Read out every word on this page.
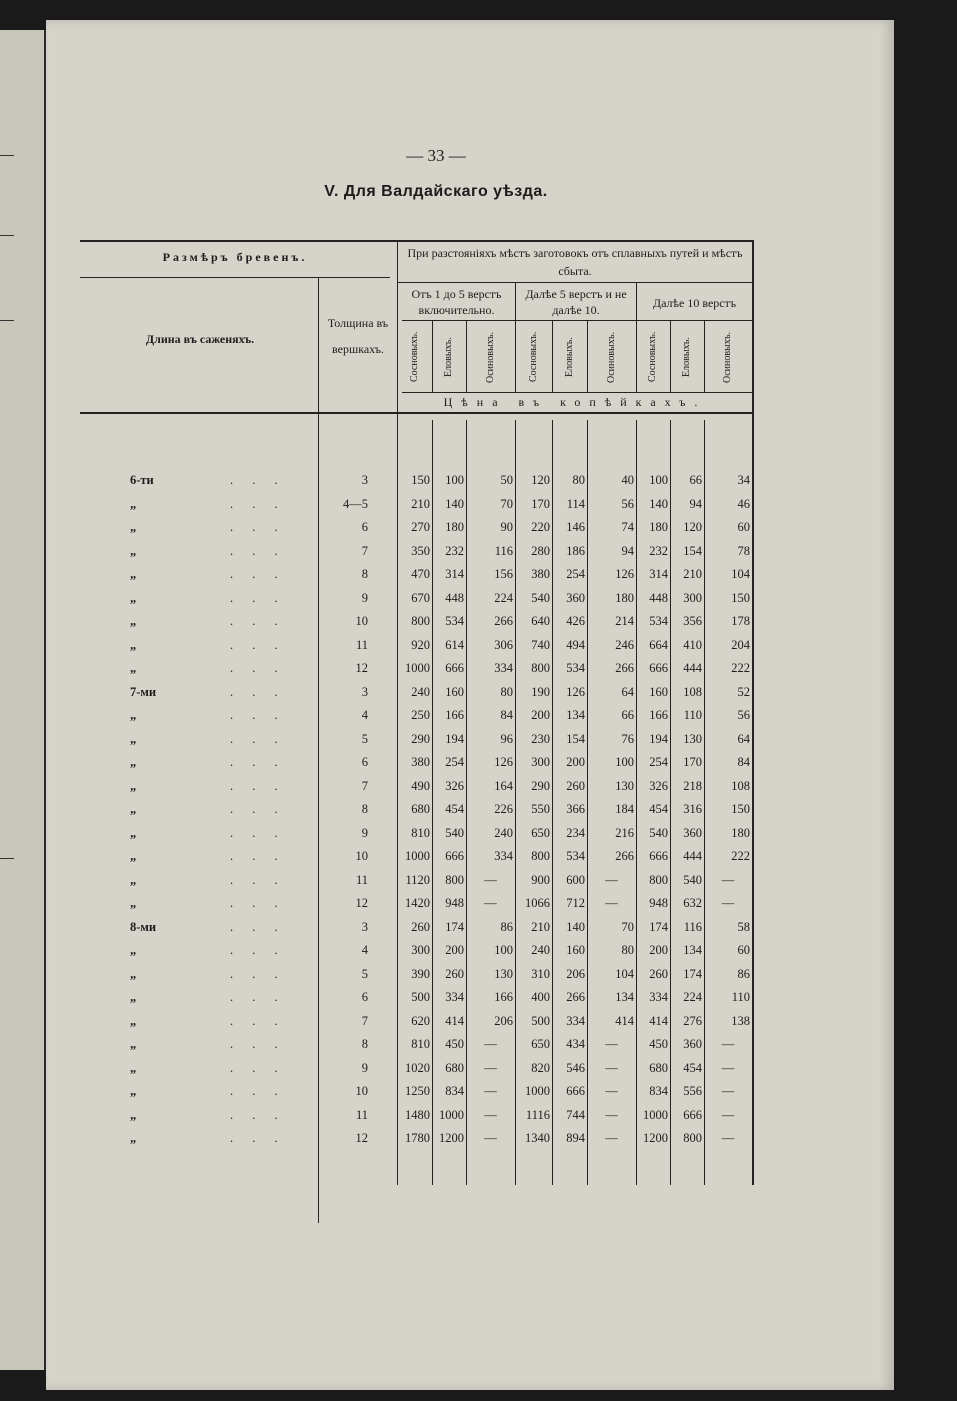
— 33 —
V. Для Валдайскаго уѣзда.
Размѣръ бревенъ.
Длина въ саженяхъ.
Толщина въ вершкахъ.
При разстояніяхъ мѣстъ заготовокъ отъ сплавныхъ путей и мѣстъ сбыта.
Отъ 1 до 5 верстъ включительно.
Далѣе 5 верстъ и не далѣе 10.	Далѣе 10 верстъ
Цѣна въ копѣйкахъ.
Сосновыхъ. Еловыхъ.	Осиновыхъ.	Сосновыхъ.	Еловыхъ.	Осиновыхъ.	Сосновыхъ. Еловыхъ.	Осиновыхъ.
6-ти	. . .	3	150	100	50	120	80	40	100	66	34
„	. . .	4—5	210	140	70	170	114	56	140	94	46
„	. . .	6	270	180	90	220	146	74	180	120	60
„	. . .	7	350	232	116	280	186	94	232	154	78
„	. . .	8	470	314	156	380	254	126	314	210	104
„	. . .	9	670	448	224	540	360	180	448	300	150
„	. . .	10	800	534	266	640	426	214	534	356	178
„	. . .	11	920	614	306	740	494	246	664	410	204
„	. . .	12	1000	666	334	800	534	266	666	444	222
7-ми	. . .	3	240	160	80	190	126	64	160	108	52
„	. . .	4	250	166	84	200	134	66	166	110	56
„	. . .	5	290	194	96	230	154	76	194	130	64
„	. . .	6	380	254	126	300	200	100	254	170	84
„	. . .	7	490	326	164	290	260	130	326	218	108
„	. . .	8	680	454	226	550	366	184	454	316	150
„	. . .	9	810	540	240	650	234	216	540	360	180
„	. . .	10	1000	666	334	800	534	266	666	444	222
„	. . .	11	1120	800	—	900	600	—	800	540	—
„	. . .	12	1420	948	—	1066	712	—	948	632	—
8-ми	. . .	3	260	174	86	210	140	70	174	116	58
„	. . .	4	300	200	100	240	160	80	200	134	60
„	. . .	5	390	260	130	310	206	104	260	174	86
„	. . .	6	500	334	166	400	266	134	334	224	110
„	. . .	7	620	414	206	500	334	414	414	276	138
„	. . .	8	810	450	—	650	434	—	450	360	—
„	. . .	9	1020	680	—	820	546	—	680	454	—
„	. . .	10	1250	834	—	1000	666	—	834	556	—
„	. . .	11	1480 1000	—	1116	744	—	1000	666	—
„	. . .	12	1780 1200	—	1340	894	—	1200	800	—
